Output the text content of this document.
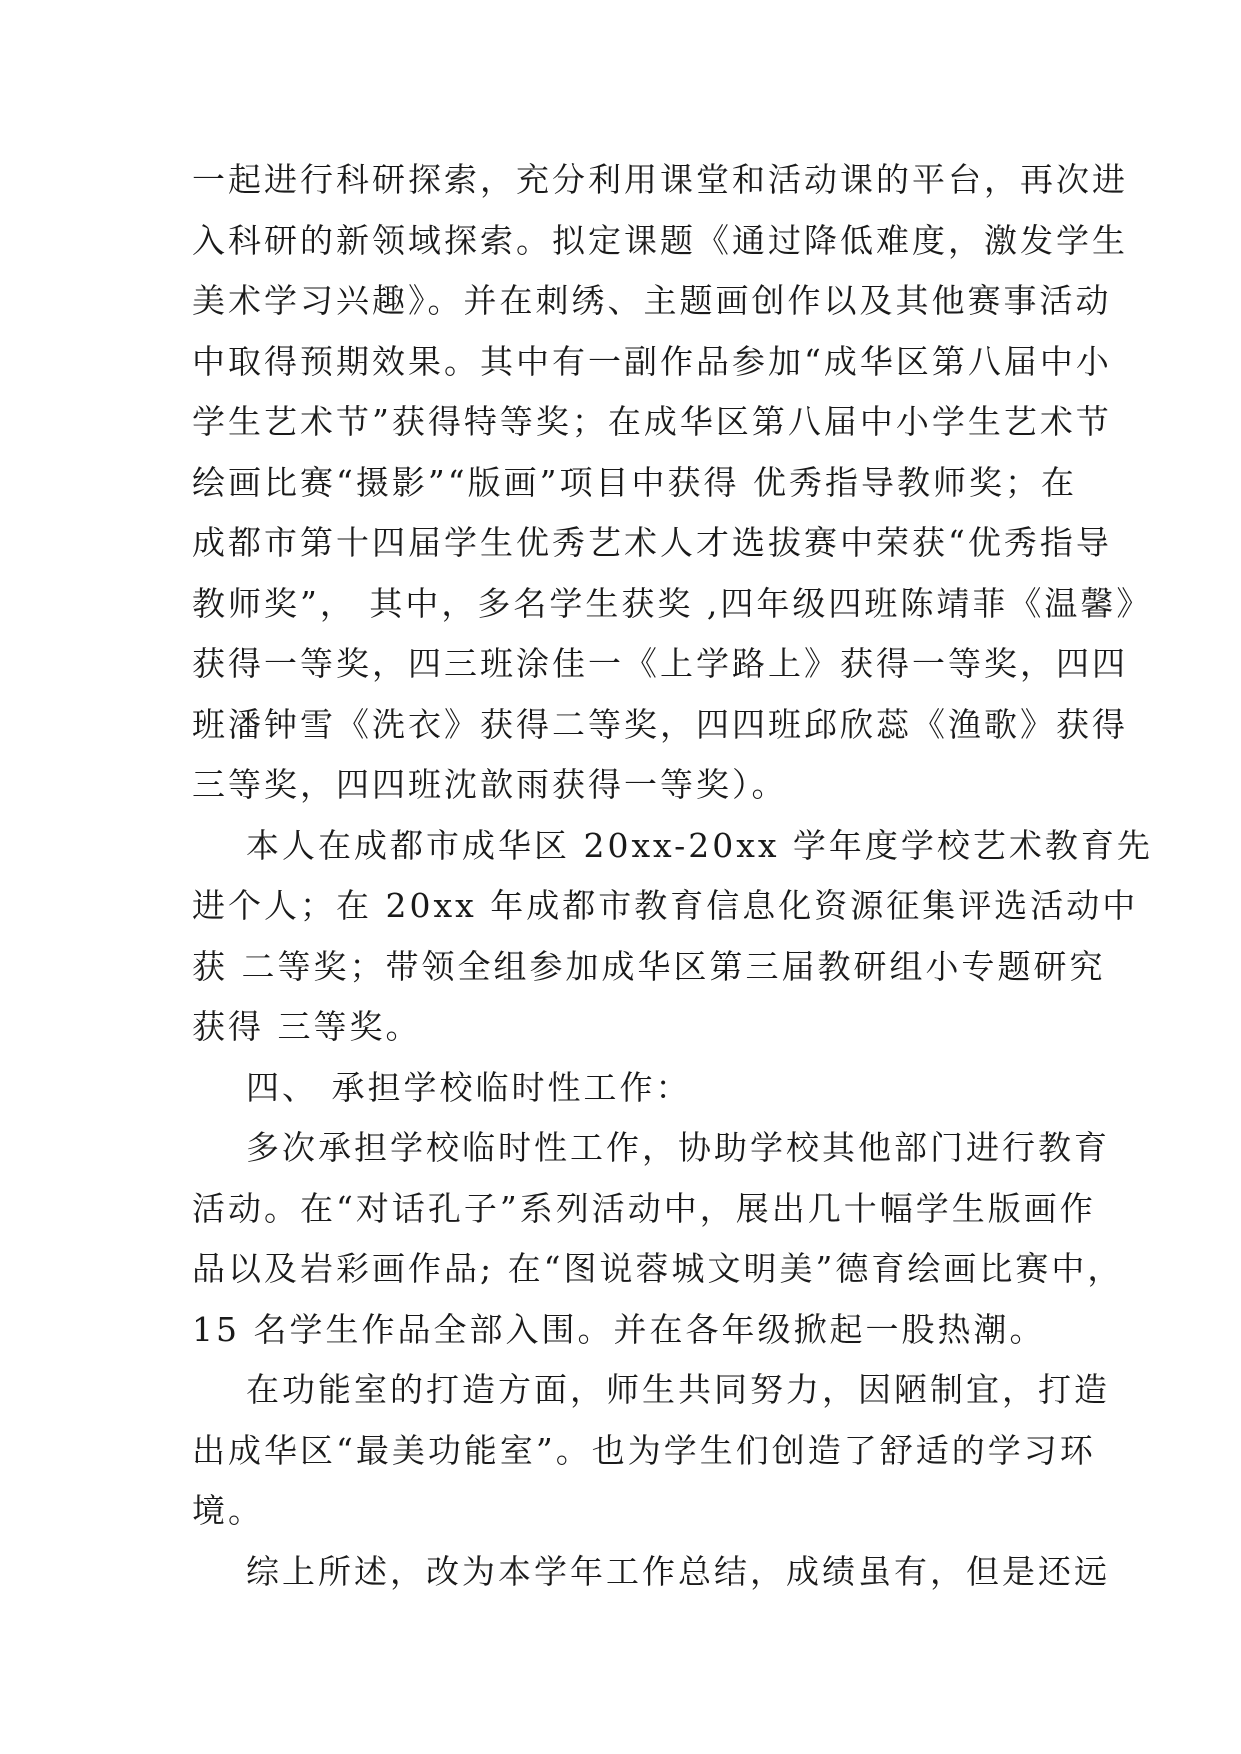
一起进行科研探索，充分利用课堂和活动课的平台，再次进
入科研的新领域探索。拟定课题《通过降低难度，激发学生
美术学习兴趣》。并在刺绣、主题画创作以及其他赛事活动
中取得预期效果。其中有一副作品参加“成华区第八届中小
学生艺术节”获得特等奖；在成华区第八届中小学生艺术节
绘画比赛“摄影”“版画”项目中获得 优秀指导教师奖；在
成都市第十四届学生优秀艺术人才选拔赛中荣获“优秀指导
教师奖”， 其中，多名学生获奖 ,四年级四班陈靖菲《温馨》
获得一等奖，四三班涂佳一《上学路上》获得一等奖，四四
班潘钟雪《洗衣》获得二等奖，四四班邱欣蕊《渔歌》获得
三等奖，四四班沈歆雨获得一等奖）。
本人在成都市成华区 20xx-20xx 学年度学校艺术教育先
进个人；在 20xx 年成都市教育信息化资源征集评选活动中
获 二等奖；带领全组参加成华区第三届教研组小专题研究
获得 三等奖。
四、 承担学校临时性工作：
多次承担学校临时性工作，协助学校其他部门进行教育
活动。在“对话孔子”系列活动中，展出几十幅学生版画作
品以及岩彩画作品; 在“图说蓉城文明美”德育绘画比赛中，
15 名学生作品全部入围。并在各年级掀起一股热潮。
在功能室的打造方面，师生共同努力，因陋制宜，打造
出成华区“最美功能室”。也为学生们创造了舒适的学习环
境。
综上所述，改为本学年工作总结，成绩虽有，但是还远
